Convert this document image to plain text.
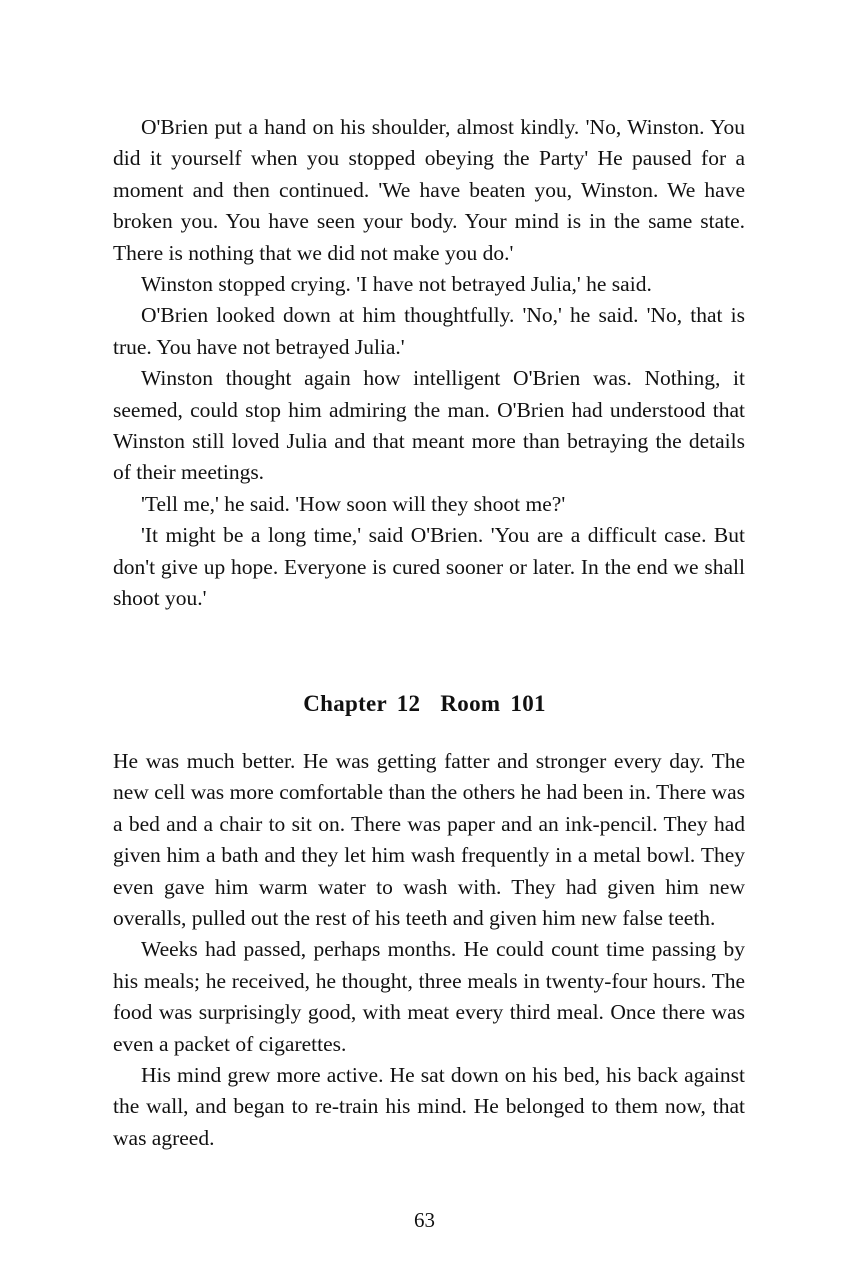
O'Brien put a hand on his shoulder, almost kindly. 'No, Winston. You did it yourself when you stopped obeying the Party' He paused for a moment and then continued. 'We have beaten you, Winston. We have broken you. You have seen your body. Your mind is in the same state. There is nothing that we did not make you do.'

Winston stopped crying. 'I have not betrayed Julia,' he said.

O'Brien looked down at him thoughtfully. 'No,' he said. 'No, that is true. You have not betrayed Julia.'

Winston thought again how intelligent O'Brien was. Nothing, it seemed, could stop him admiring the man. O'Brien had understood that Winston still loved Julia and that meant more than betraying the details of their meetings.

'Tell me,' he said. 'How soon will they shoot me?'

'It might be a long time,' said O'Brien. 'You are a difficult case. But don't give up hope. Everyone is cured sooner or later. In the end we shall shoot you.'

Chapter 12  Room 101

He was much better. He was getting fatter and stronger every day. The new cell was more comfortable than the others he had been in. There was a bed and a chair to sit on. There was paper and an ink-pencil. They had given him a bath and they let him wash frequently in a metal bowl. They even gave him warm water to wash with. They had given him new overalls, pulled out the rest of his teeth and given him new false teeth.

Weeks had passed, perhaps months. He could count time passing by his meals; he received, he thought, three meals in twenty-four hours. The food was surprisingly good, with meat every third meal. Once there was even a packet of cigarettes.

His mind grew more active. He sat down on his bed, his back against the wall, and began to re-train his mind. He belonged to them now, that was agreed.

63
